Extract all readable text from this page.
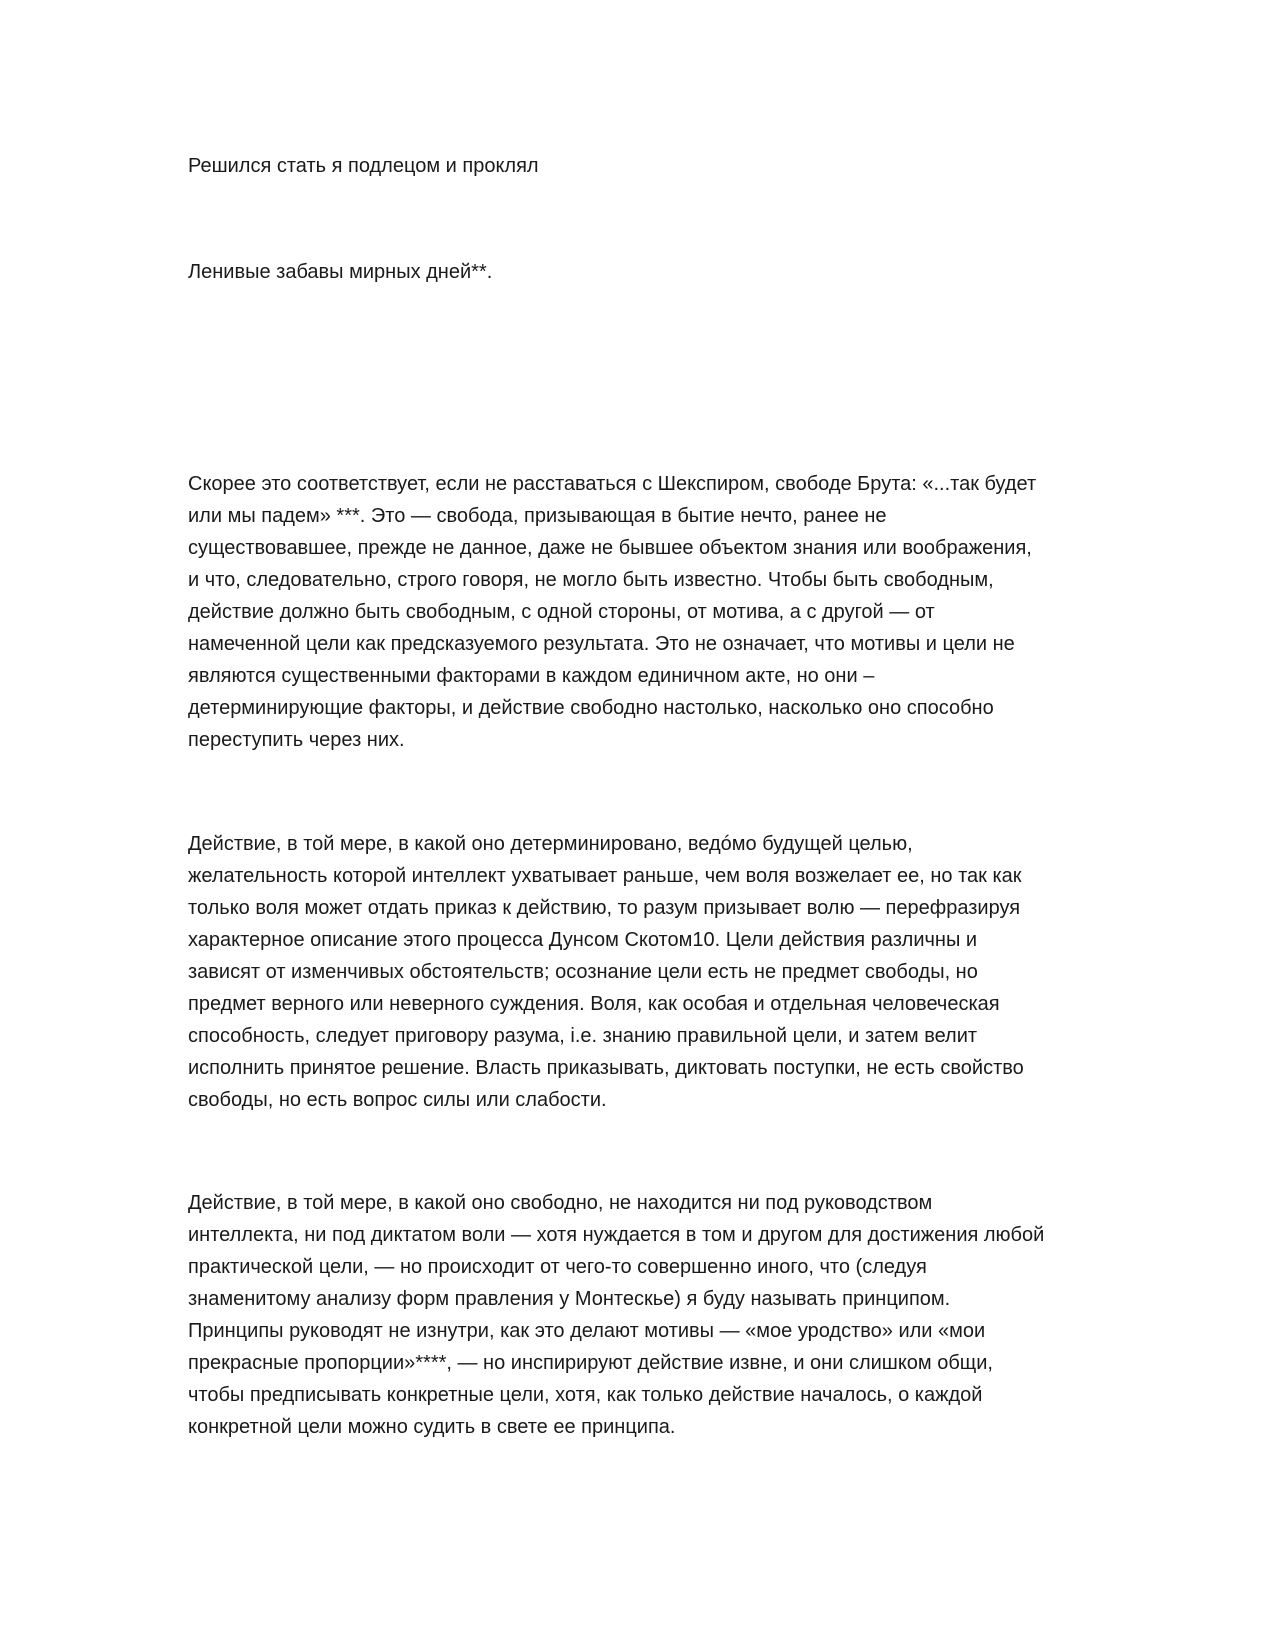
Решился стать я подлецом и проклял

Ленивые забавы мирных дней**.

Скорее это соответствует, если не расставаться с Шекспиром, свободе Брута: «...так будет
или мы падем» ***. Это — свобода, призывающая в бытие нечто, ранее не
существовавшее, прежде не данное, даже не бывшее объектом знания или воображения,
и что, следовательно, строго говоря, не могло быть известно. Чтобы быть свободным,
действие должно быть свободным, с одной стороны, от мотива, а с другой — от
намеченной цели как предсказуемого результата. Это не означает, что мотивы и цели не
являются существенными факторами в каждом единичном акте, но они –
детерминирующие факторы, и действие свободно настолько, насколько оно способно
переступить через них.

Действие, в той мере, в какой оно детерминировано, ведóмо будущей целью,
желательность которой интеллект ухватывает раньше, чем воля возжелает ее, но так как
только воля может отдать приказ к действию, то разум призывает волю — перефразируя
характерное описание этого процесса Дунсом Скотом10. Цели действия различны и
зависят от изменчивых обстоятельств; осознание цели есть не предмет свободы, но
предмет верного или неверного суждения. Воля, как особая и отдельная человеческая
способность, следует приговору разума, i.e. знанию правильной цели, и затем велит
исполнить принятое решение. Власть приказывать, диктовать поступки, не есть свойство
свободы, но есть вопрос силы или слабости.

Действие, в той мере, в какой оно свободно, не находится ни под руководством
интеллекта, ни под диктатом воли — хотя нуждается в том и другом для достижения любой
практической цели, — но происходит от чего-то совершенно иного, что (следуя
знаменитому анализу форм правления у Монтескье) я буду называть принципом.
Принципы руководят не изнутри, как это делают мотивы — «мое уродство» или «мои
прекрасные пропорции»****, — но инспирируют действие извне, и они слишком общи,
чтобы предписывать конкретные цели, хотя, как только действие началось, о каждой
конкретной цели можно судить в свете ее принципа.
